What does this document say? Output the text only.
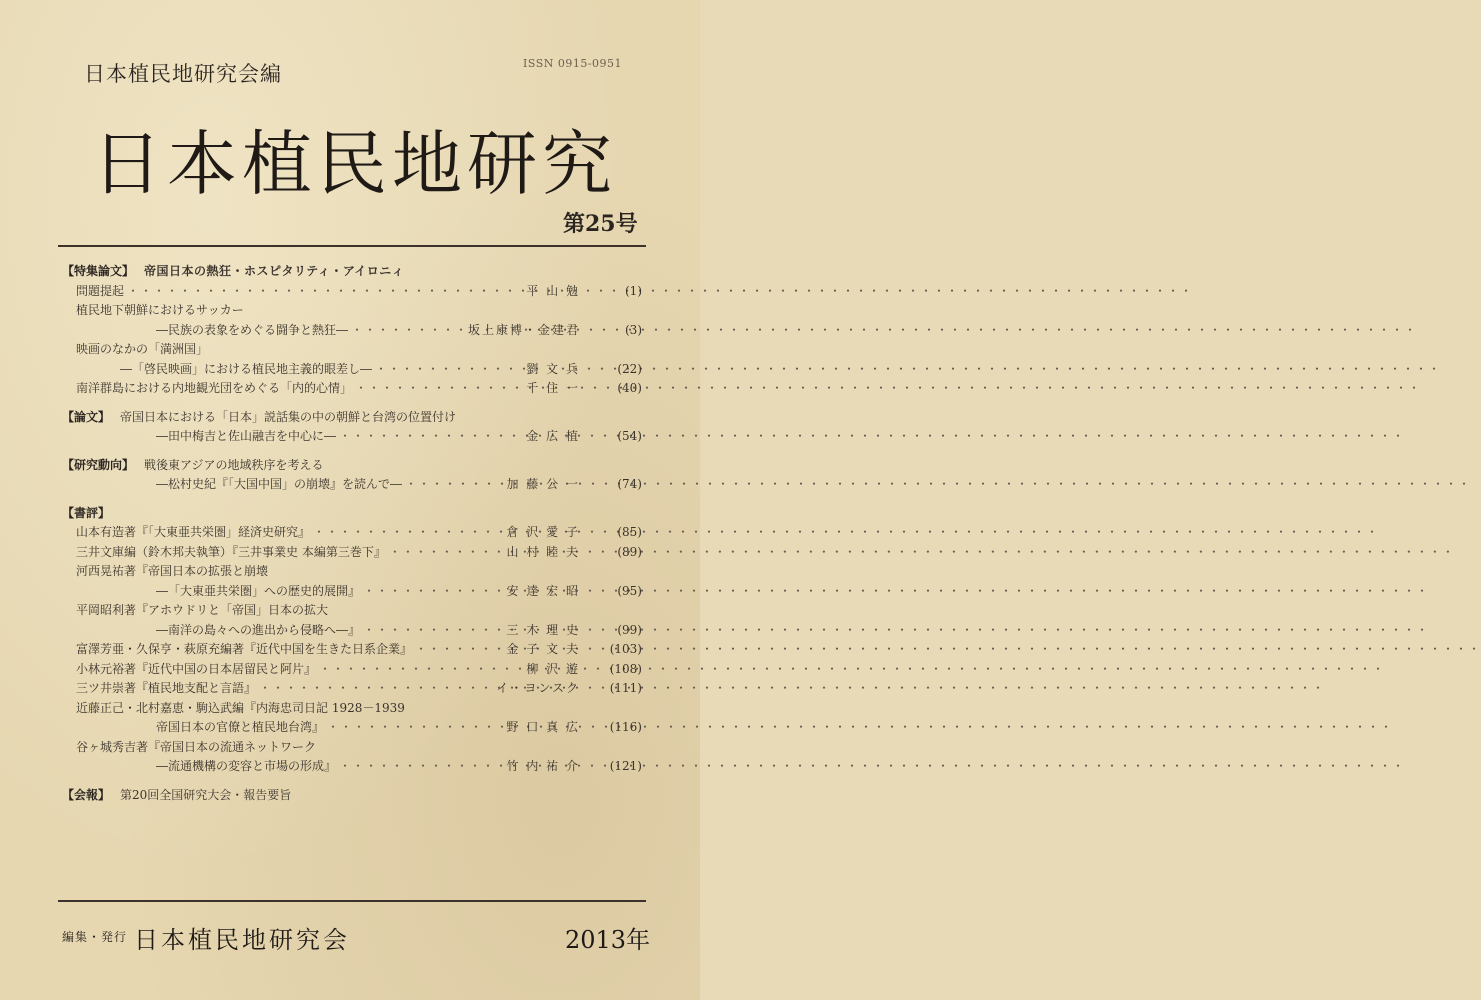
日本植民地研究会編	ISSN 0915-0951
日本植民地研究
第25号
【特集論文】 帝国日本の熱狂・ホスピタリティ・アイロニィ
問題提起 ・・・・・・・・・・・・・・・・・・・・・・・・・・・・・・・・・・・・・・・・・・・・・・・・・・・・・・・・・・・・・・・・・・・・・・・・・・・・・・・・・・	平 山 勉	(1)
植民地下朝鮮におけるサッカー
―民族の表象をめぐる闘争と熱狂― ・・・・・・・・・・・・・・・・・・・・・・・・・・・・・・・・・・・・・・・・・・・・・・・・・・・・・・・・・・・・・・・・・・・・・・・・・・・・・・・・・・	坂上康博・金建君	(3)
映画のなかの「満洲国」
―「啓民映画」における植民地主義的眼差し― ・・・・・・・・・・・・・・・・・・・・・・・・・・・・・・・・・・・・・・・・・・・・・・・・・・・・・・・・・・・・・・・・・・・・・・・・・・・・・・・・・・	劉 文 兵	(22)
南洋群島における内地観光団をめぐる「内的心情」 ・・・・・・・・・・・・・・・・・・・・・・・・・・・・・・・・・・・・・・・・・・・・・・・・・・・・・・・・・・・・・・・・・・・・・・・・・・・・・・・・・・	千 住 一	(40)
【論文】 帝国日本における「日本」説話集の中の朝鮮と台湾の位置付け
―田中梅吉と佐山融吉を中心に― ・・・・・・・・・・・・・・・・・・・・・・・・・・・・・・・・・・・・・・・・・・・・・・・・・・・・・・・・・・・・・・・・・・・・・・・・・・・・・・・・・・	金 広 植	(54)
【研究動向】 戦後東アジアの地域秩序を考える
―松村史紀『「大国中国」の崩壊』を読んで― ・・・・・・・・・・・・・・・・・・・・・・・・・・・・・・・・・・・・・・・・・・・・・・・・・・・・・・・・・・・・・・・・・・・・・・・・・・・・・・・・・・	加 藤 公 一	(74)
【書評】
山本有造著『「大東亜共栄圏」経済史研究』 ・・・・・・・・・・・・・・・・・・・・・・・・・・・・・・・・・・・・・・・・・・・・・・・・・・・・・・・・・・・・・・・・・・・・・・・・・・・・・・・・・・	倉 沢 愛 子	(85)
三井文庫編（鈴木邦夫執筆）『三井事業史 本編第三巻下』 ・・・・・・・・・・・・・・・・・・・・・・・・・・・・・・・・・・・・・・・・・・・・・・・・・・・・・・・・・・・・・・・・・・・・・・・・・・・・・・・・・・	山 村 睦 夫	(89)
河西晃祐著『帝国日本の拡張と崩壊
―「大東亜共栄圏」への歴史的展開』 ・・・・・・・・・・・・・・・・・・・・・・・・・・・・・・・・・・・・・・・・・・・・・・・・・・・・・・・・・・・・・・・・・・・・・・・・・・・・・・・・・・	安 達 宏 昭	(95)
平岡昭利著『アホウドリと「帝国」日本の拡大
―南洋の島々への進出から侵略へ―』 ・・・・・・・・・・・・・・・・・・・・・・・・・・・・・・・・・・・・・・・・・・・・・・・・・・・・・・・・・・・・・・・・・・・・・・・・・・・・・・・・・・	三 木 理 史	(99)
富澤芳亜・久保亨・萩原充編著『近代中国を生きた日系企業』 ・・・・・・・・・・・・・・・・・・・・・・・・・・・・・・・・・・・・・・・・・・・・・・・・・・・・・・・・・・・・・・・・・・・・・・・・・・・・・・・・・・	金 子 文 夫	(103)
小林元裕著『近代中国の日本居留民と阿片』 ・・・・・・・・・・・・・・・・・・・・・・・・・・・・・・・・・・・・・・・・・・・・・・・・・・・・・・・・・・・・・・・・・・・・・・・・・・・・・・・・・・	柳 沢 遊	(108)
三ツ井崇著『植民地支配と言語』 ・・・・・・・・・・・・・・・・・・・・・・・・・・・・・・・・・・・・・・・・・・・・・・・・・・・・・・・・・・・・・・・・・・・・・・・・・・・・・・・・・・	イ・ヨンスク	(111)
近藤正己・北村嘉恵・駒込武編『内海忠司日記 1928－1939
帝国日本の官僚と植民地台湾』 ・・・・・・・・・・・・・・・・・・・・・・・・・・・・・・・・・・・・・・・・・・・・・・・・・・・・・・・・・・・・・・・・・・・・・・・・・・・・・・・・・・	野 口 真 広	(116)
谷ヶ城秀吉著『帝国日本の流通ネットワーク
―流通機構の変容と市場の形成』 ・・・・・・・・・・・・・・・・・・・・・・・・・・・・・・・・・・・・・・・・・・・・・・・・・・・・・・・・・・・・・・・・・・・・・・・・・・・・・・・・・・	竹 内 祐 介	(121)
【会報】 第20回全国研究大会・報告要旨
編集・発行 日本植民地研究会	2013年
